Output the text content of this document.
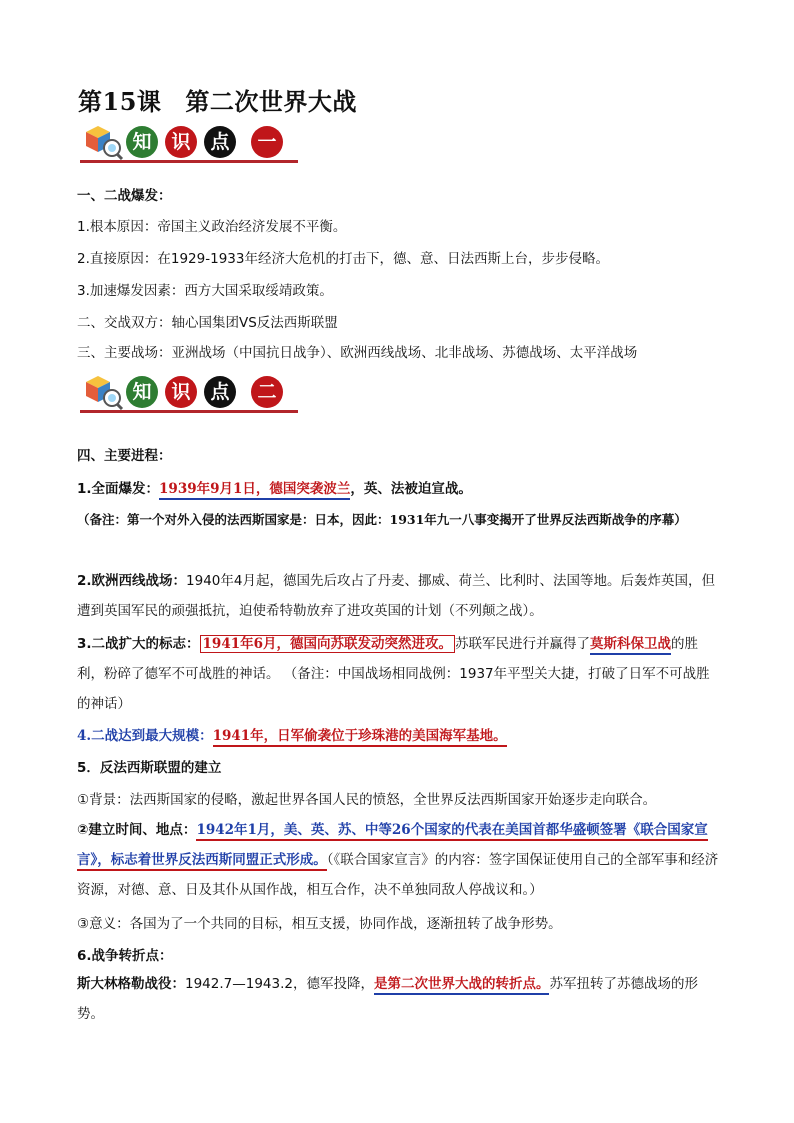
第15课 第二次世界大战
知	识	点	一
一、二战爆发：
1.根本原因：帝国主义政治经济发展不平衡。
2.直接原因：在1929-1933年经济大危机的打击下，德、意、日法西斯上台，步步侵略。
3.加速爆发因素：西方大国采取绥靖政策。
二、交战双方：轴心国集团VS反法西斯联盟
三、主要战场：亚洲战场（中国抗日战争）、欧洲西线战场、北非战场、苏德战场、太平洋战场
知	识	点	二
四、主要进程：
1.全面爆发：1939年9月1日，德国突袭波兰，英、法被迫宣战。
（备注：第一个对外入侵的法西斯国家是：日本，因此：1931年九一八事变揭开了世界反法西斯战争的序幕）
2.欧洲西线战场：1940年4月起，德国先后攻占了丹麦、挪威、荷兰、比利时、法国等地。后轰炸英国，但遭到英国军民的顽强抵抗，迫使希特勒放弃了进攻英国的计划（不列颠之战）。
3.二战扩大的标志： 1941年6月，德国向苏联发动突然进攻。 苏联军民进行并赢得了莫斯科保卫战的胜利，粉碎了德军不可战胜的神话。 （备注：中国战场相同战例：1937年平型关大捷，打破了日军不可战胜的神话）
4.二战达到最大规模：1941年，日军偷袭位于珍珠港的美国海军基地。
5．反法西斯联盟的建立
①背景：法西斯国家的侵略，激起世界各国人民的愤怒，全世界反法西斯国家开始逐步走向联合。
②建立时间、地点：1942年1月，美、英、苏、中等26个国家的代表在美国首都华盛顿签署《联合国家宣言》，标志着世界反法西斯同盟正式形成。（《联合国家宣言》的内容：签字国保证使用自己的全部军事和经济资源，对德、意、日及其仆从国作战，相互合作，决不单独同敌人停战议和。）
③意义：各国为了一个共同的目标，相互支援，协同作战，逐渐扭转了战争形势。
6.战争转折点：
斯大林格勒战役：1942.7—1943.2，德军投降，是第二次世界大战的转折点。苏军扭转了苏德战场的形势。
